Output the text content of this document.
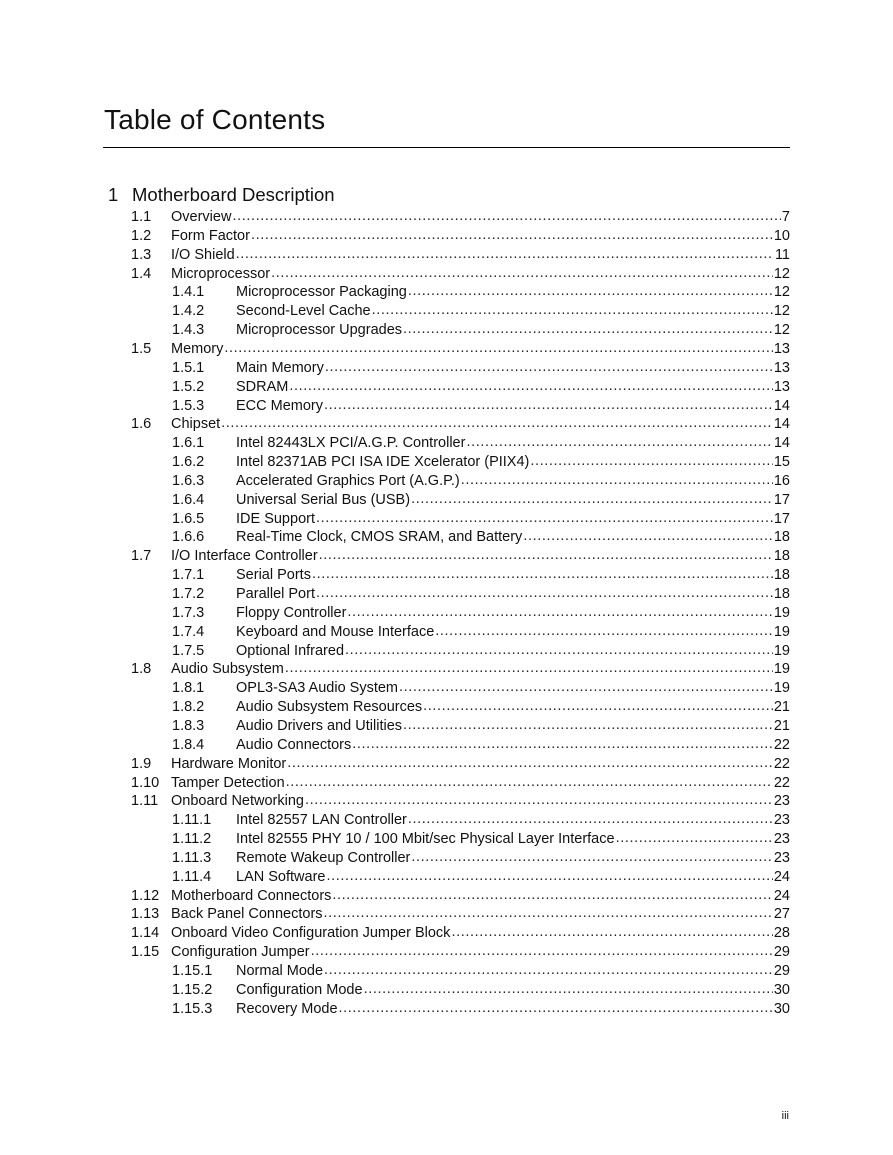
Table of Contents
1 Motherboard Description
1.1	Overview .....	7
1.2	Form Factor .....	10
1.3	I/O Shield .....	11
1.4	Microprocessor .....	12
1.4.1	Microprocessor Packaging .....	12
1.4.2	Second-Level Cache .....	12
1.4.3	Microprocessor Upgrades .....	12
1.5	Memory .....	13
1.5.1	Main Memory .....	13
1.5.2	SDRAM .....	13
1.5.3	ECC Memory .....	14
1.6	Chipset .....	14
1.6.1	Intel 82443LX PCI/A.G.P. Controller .....	14
1.6.2	Intel 82371AB PCI ISA IDE Xcelerator (PIIX4) .....	15
1.6.3	Accelerated Graphics Port (A.G.P.) .....	16
1.6.4	Universal Serial Bus (USB) .....	17
1.6.5	IDE Support .....	17
1.6.6	Real-Time Clock, CMOS SRAM, and Battery .....	18
1.7	I/O Interface Controller .....	18
1.7.1	Serial Ports .....	18
1.7.2	Parallel Port .....	18
1.7.3	Floppy Controller .....	19
1.7.4	Keyboard and Mouse Interface .....	19
1.7.5	Optional Infrared .....	19
1.8	Audio Subsystem .....	19
1.8.1	OPL3-SA3 Audio System .....	19
1.8.2	Audio Subsystem Resources .....	21
1.8.3	Audio Drivers and Utilities .....	21
1.8.4	Audio Connectors .....	22
1.9	Hardware Monitor .....	22
1.10 Tamper Detection .....	22
1.11 Onboard Networking .....	23
1.11.1	Intel 82557 LAN Controller .....	23
1.11.2	Intel 82555 PHY 10 / 100 Mbit/sec Physical Layer Interface .....	23
1.11.3	Remote Wakeup Controller .....	23
1.11.4	LAN Software .....	24
1.12 Motherboard Connectors .....	24
1.13 Back Panel Connectors .....	27
1.14 Onboard Video Configuration Jumper Block .....	28
1.15 Configuration Jumper .....	29
1.15.1	Normal Mode .....	29
1.15.2	Configuration Mode .....	30
1.15.3	Recovery Mode .....	30
iii
